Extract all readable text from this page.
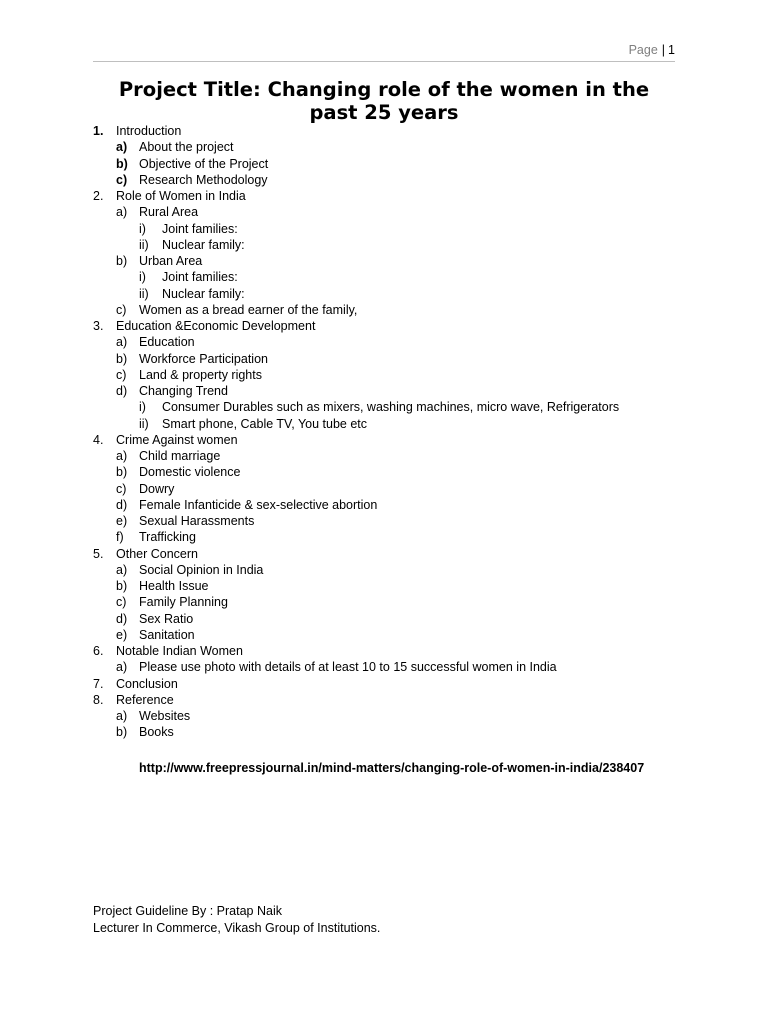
Page | 1
Project Title: Changing role of the women in the past 25 years
1. Introduction
a) About the project
b) Objective of the Project
c) Research Methodology
2. Role of Women in India
a) Rural Area
i) Joint families:
ii) Nuclear family:
b) Urban Area
i) Joint families:
ii) Nuclear family:
c) Women as a bread earner of the family,
3. Education &Economic Development
a) Education
b) Workforce Participation
c) Land & property rights
d) Changing Trend
i) Consumer Durables such as mixers, washing machines, micro wave, Refrigerators
ii) Smart phone, Cable TV, You tube etc
4. Crime Against women
a) Child marriage
b) Domestic violence
c) Dowry
d) Female Infanticide & sex-selective abortion
e) Sexual Harassments
f) Trafficking
5. Other Concern
a) Social Opinion in India
b) Health Issue
c) Family Planning
d) Sex Ratio
e) Sanitation
6. Notable Indian Women
a) Please use photo with details of at least 10 to 15 successful women in India
7. Conclusion
8. Reference
a) Websites
b) Books
http://www.freepressjournal.in/mind-matters/changing-role-of-women-in-india/238407
Project Guideline By : Pratap Naik
Lecturer In Commerce, Vikash Group of Institutions.
